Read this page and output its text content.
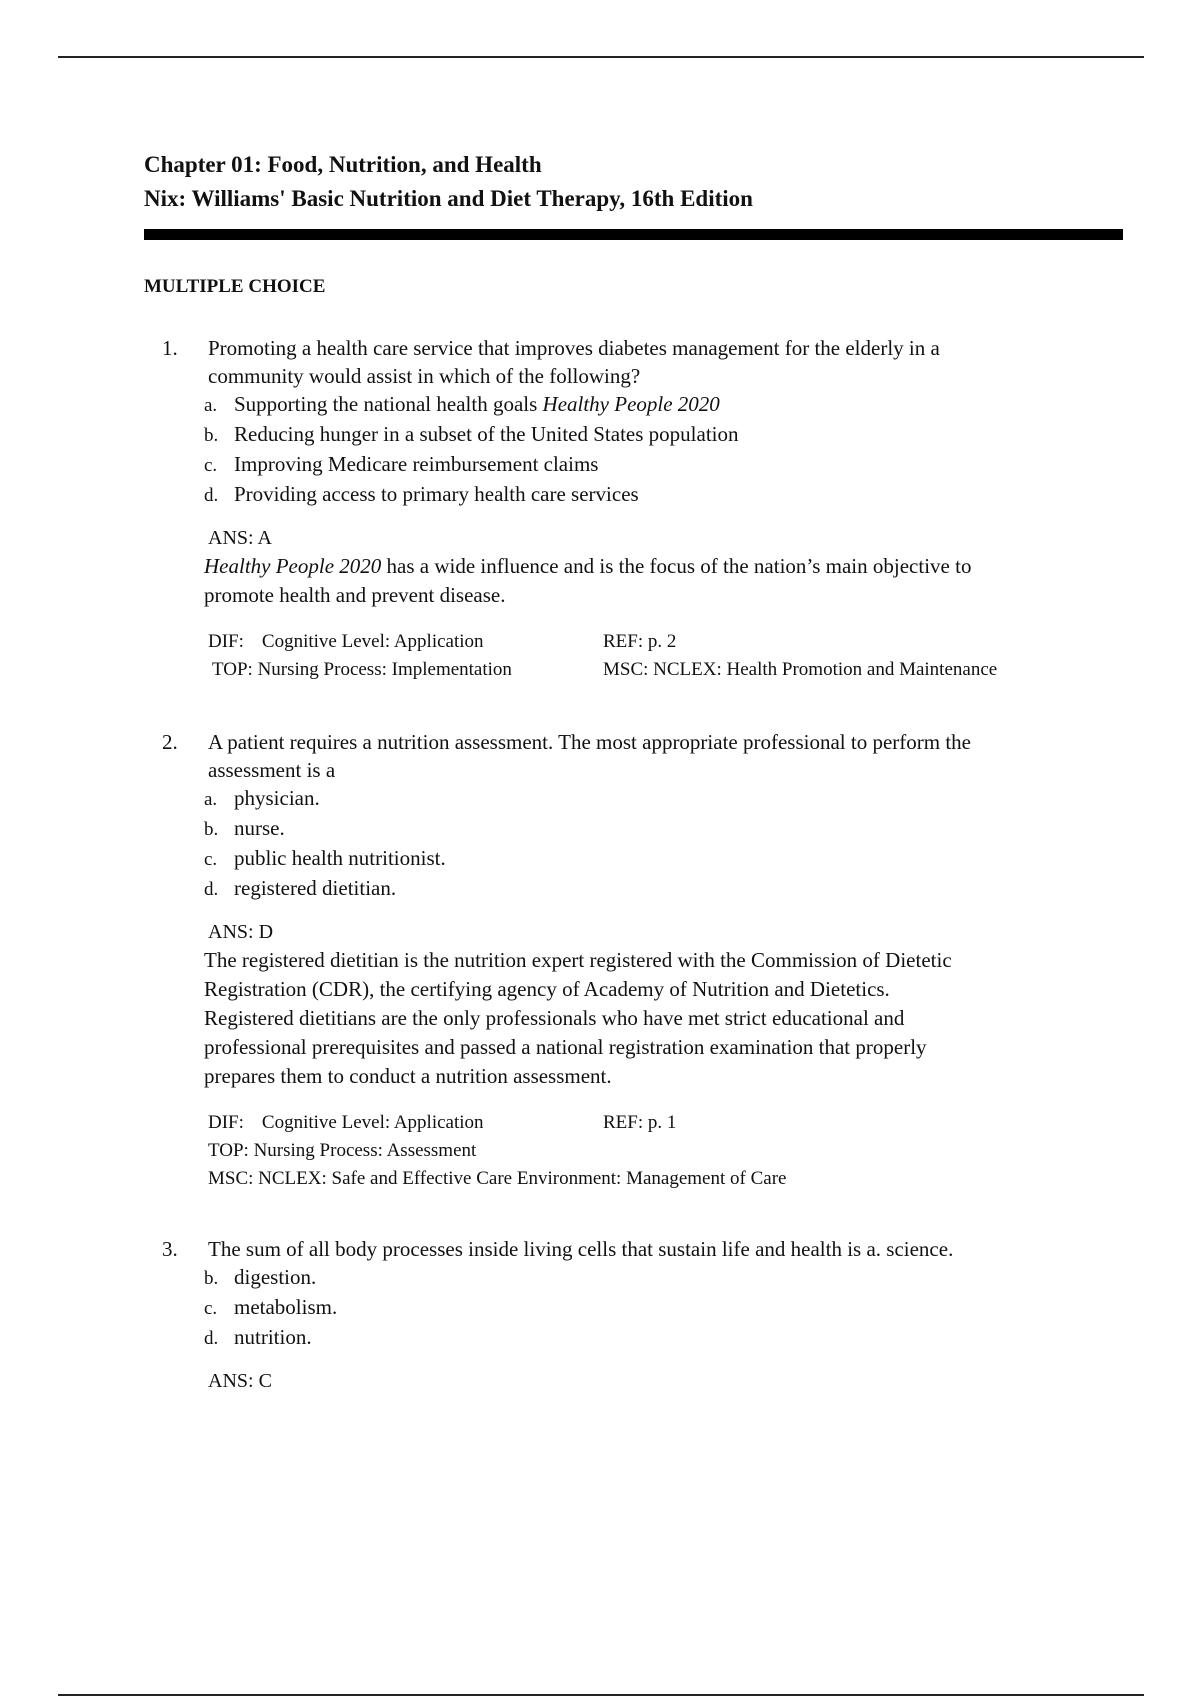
Chapter 01: Food, Nutrition, and Health
Nix: Williams' Basic Nutrition and Diet Therapy, 16th Edition
MULTIPLE CHOICE
1. Promoting a health care service that improves diabetes management for the elderly in a
community would assist in which of the following?
a. Supporting the national health goals Healthy People 2020
b. Reducing hunger in a subset of the United States population
c. Improving Medicare reimbursement claims
d. Providing access to primary health care services
ANS: A
Healthy People 2020 has a wide influence and is the focus of the nation’s main objective to
promote health and prevent disease.
DIF: Cognitive Level: Application	REF: p. 2
TOP: Nursing Process: Implementation	MSC: NCLEX: Health Promotion and Maintenance
2. A patient requires a nutrition assessment. The most appropriate professional to perform the
assessment is a
a. physician.
b. nurse.
c. public health nutritionist.
d. registered dietitian.
ANS: D
The registered dietitian is the nutrition expert registered with the Commission of Dietetic
Registration (CDR), the certifying agency of Academy of Nutrition and Dietetics.
Registered dietitians are the only professionals who have met strict educational and
professional prerequisites and passed a national registration examination that properly
prepares them to conduct a nutrition assessment.
DIF: Cognitive Level: Application	REF: p. 1
TOP: Nursing Process: Assessment
MSC: NCLEX: Safe and Effective Care Environment: Management of Care
3. The sum of all body processes inside living cells that sustain life and health is a. science.
b. digestion.
c. metabolism.
d. nutrition.
ANS: C
